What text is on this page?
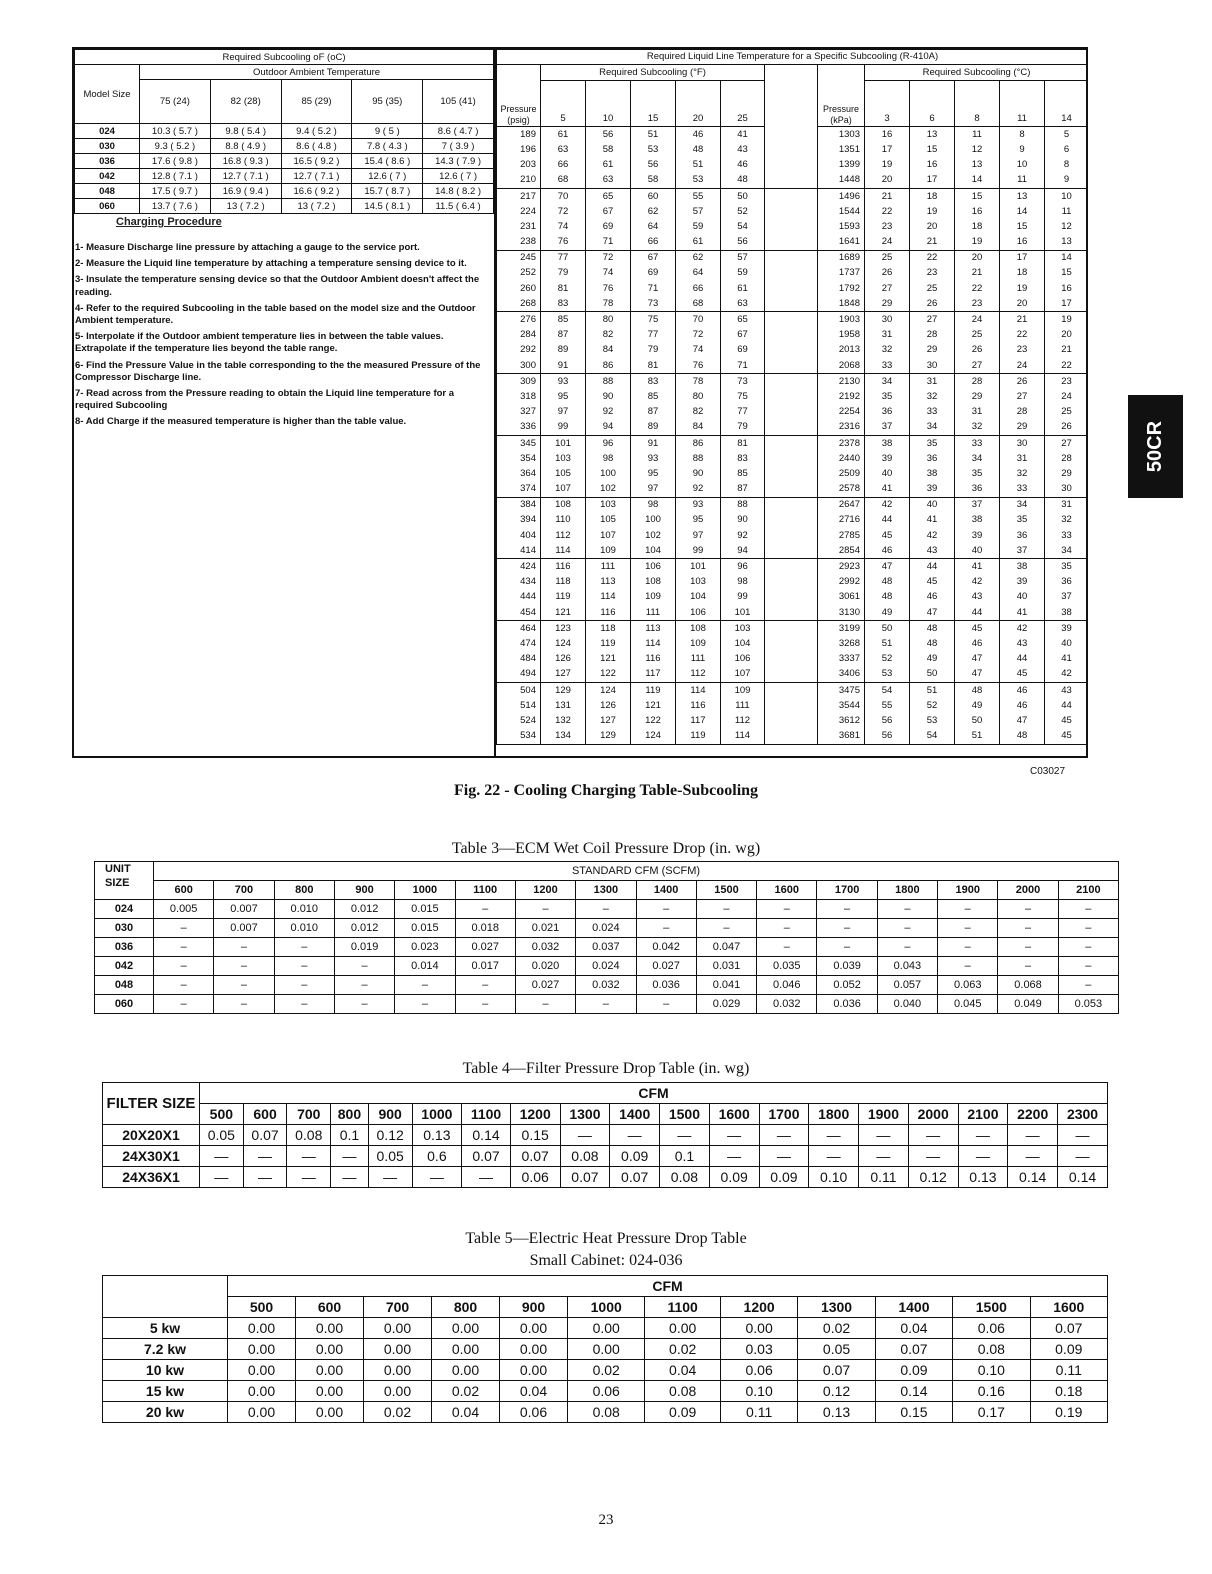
Required Subcooling oF (oC)					
Model Size	Outdoor Ambient Temperature				
	75 (24)	82 (28)	85 (29)	95 (35)	105 (41)
024	10.3 ( 5.7 )	9.8 ( 5.4 )	9.4 ( 5.2 )	9 ( 5 )	8.6 ( 4.7 )
030	9.3 ( 5.2 )	8.8 ( 4.9 )	8.6 ( 4.8 )	7.8 ( 4.3 )	7 ( 3.9 )
036	17.6 ( 9.8 )	16.8 ( 9.3 )	16.5 ( 9.2 )	15.4 ( 8.6 )	14.3 ( 7.9 )
042	12.8 ( 7.1 )	12.7 ( 7.1 )	12.7 ( 7.1 )	12.6 ( 7 )	12.6 ( 7 )
048	17.5 ( 9.7 )	16.9 ( 9.4 )	16.6 ( 9.2 )	15.7 ( 8.7 )	14.8 ( 8.2 )
060	13.7 ( 7.6 )	13 ( 7.2 )	13 ( 7.2 )	14.5 ( 8.1 )	11.5 ( 6.4 )
Charging Procedure
1- Measure Discharge line pressure by attaching a gauge to the service port.
2- Measure the Liquid line temperature by attaching a temperature sensing device to it.
3- Insulate the temperature sensing device so that the Outdoor Ambient doesn't affect the reading.
4- Refer to the required Subcooling in the table based on the model size and the Outdoor Ambient temperature.
5- Interpolate if the Outdoor ambient temperature lies in between the table values. Extrapolate if the temperature lies beyond the table range.
6- Find the Pressure Value in the table corresponding to the the measured Pressure of the Compressor Discharge line.
7- Read across from the Pressure reading to obtain the Liquid line temperature for a required Subcooling
8- Add Charge if the measured temperature is higher than the table value.
Required Liquid Line Temperature for a Specific Subcooling (R-410A)												
Pressure
(psig)	Required Subcooling (°F)						Pressure
(kPa)	Required Subcooling (°C)				
	5	10	15	20	25			3	6	8	11	14
189	61	56	51	46	41		1303	16	13	11	8	5
196	63	58	53	48	43		1351	17	15	12	9	6
203	66	61	56	51	46		1399	19	16	13	10	8
210	68	63	58	53	48		1448	20	17	14	11	9
217	70	65	60	55	50		1496	21	18	15	13	10
224	72	67	62	57	52		1544	22	19	16	14	11
231	74	69	64	59	54		1593	23	20	18	15	12
238	76	71	66	61	56		1641	24	21	19	16	13
245	77	72	67	62	57		1689	25	22	20	17	14
252	79	74	69	64	59		1737	26	23	21	18	15
260	81	76	71	66	61		1792	27	25	22	19	16
268	83	78	73	68	63		1848	29	26	23	20	17
276	85	80	75	70	65		1903	30	27	24	21	19
284	87	82	77	72	67		1958	31	28	25	22	20
292	89	84	79	74	69		2013	32	29	26	23	21
300	91	86	81	76	71		2068	33	30	27	24	22
309	93	88	83	78	73		2130	34	31	28	26	23
318	95	90	85	80	75		2192	35	32	29	27	24
327	97	92	87	82	77		2254	36	33	31	28	25
336	99	94	89	84	79		2316	37	34	32	29	26
345	101	96	91	86	81		2378	38	35	33	30	27
354	103	98	93	88	83		2440	39	36	34	31	28
364	105	100	95	90	85		2509	40	38	35	32	29
374	107	102	97	92	87		2578	41	39	36	33	30
384	108	103	98	93	88		2647	42	40	37	34	31
394	110	105	100	95	90		2716	44	41	38	35	32
404	112	107	102	97	92		2785	45	42	39	36	33
414	114	109	104	99	94		2854	46	43	40	37	34
424	116	111	106	101	96		2923	47	44	41	38	35
434	118	113	108	103	98		2992	48	45	42	39	36
444	119	114	109	104	99		3061	48	46	43	40	37
454	121	116	111	106	101		3130	49	47	44	41	38
464	123	118	113	108	103		3199	50	48	45	42	39
474	124	119	114	109	104		3268	51	48	46	43	40
484	126	121	116	111	106		3337	52	49	47	44	41
494	127	122	117	112	107		3406	53	50	47	45	42
504	129	124	119	114	109		3475	54	51	48	46	43
514	131	126	121	116	111		3544	55	52	49	46	44
524	132	127	122	117	112		3612	56	53	50	47	45
534	134	129	124	119	114		3681	56	54	51	48	45
C03027
Fig. 22 - Cooling Charging Table-Subcooling
Table 3—ECM Wet Coil Pressure Drop (in. wg)
UNIT
SIZE	STANDARD CFM (SCFM)															
	600	700	800	900	1000	1100	1200	1300	1400	1500	1600	1700	1800	1900	2000	2100
024	0.005	0.007	0.010	0.012	0.015	–	–	–	–	–	–	–	–	–	–	–
030	–	0.007	0.010	0.012	0.015	0.018	0.021	0.024	–	–	–	–	–	–	–	–
036	–	–	–	0.019	0.023	0.027	0.032	0.037	0.042	0.047	–	–	–	–	–	–
042	–	–	–	–	0.014	0.017	0.020	0.024	0.027	0.031	0.035	0.039	0.043	–	–	–
048	–	–	–	–	–	–	0.027	0.032	0.036	0.041	0.046	0.052	0.057	0.063	0.068	–
060	–	–	–	–	–	–	–	–	–	0.029	0.032	0.036	0.040	0.045	0.049	0.053
Table 4—Filter Pressure Drop Table (in. wg)
FILTER SIZE	CFM																		
	500	600	700	800	900	1000	1100	1200	1300	1400	1500	1600	1700	1800	1900	2000	2100	2200	2300
20X20X1	0.05	0.07	0.08	0.1	0.12	0.13	0.14	0.15	—	—	—	—	—	—	—	—	—	—	—
24X30X1	—	—	—	—	0.05	0.6	0.07	0.07	0.08	0.09	0.1	—	—	—	—	—	—	—	—
24X36X1	—	—	—	—	—	—	—	0.06	0.07	0.07	0.08	0.09	0.09	0.10	0.11	0.12	0.13	0.14	0.14
Table 5—Electric Heat Pressure Drop Table
Small Cabinet: 024-036
	CFM											
	500	600	700	800	900	1000	1100	1200	1300	1400	1500	1600
5 kw	0.00	0.00	0.00	0.00	0.00	0.00	0.00	0.00	0.02	0.04	0.06	0.07
7.2 kw	0.00	0.00	0.00	0.00	0.00	0.00	0.02	0.03	0.05	0.07	0.08	0.09
10 kw	0.00	0.00	0.00	0.00	0.00	0.02	0.04	0.06	0.07	0.09	0.10	0.11
15 kw	0.00	0.00	0.00	0.02	0.04	0.06	0.08	0.10	0.12	0.14	0.16	0.18
20 kw	0.00	0.00	0.02	0.04	0.06	0.08	0.09	0.11	0.13	0.15	0.17	0.19
50CR
23
